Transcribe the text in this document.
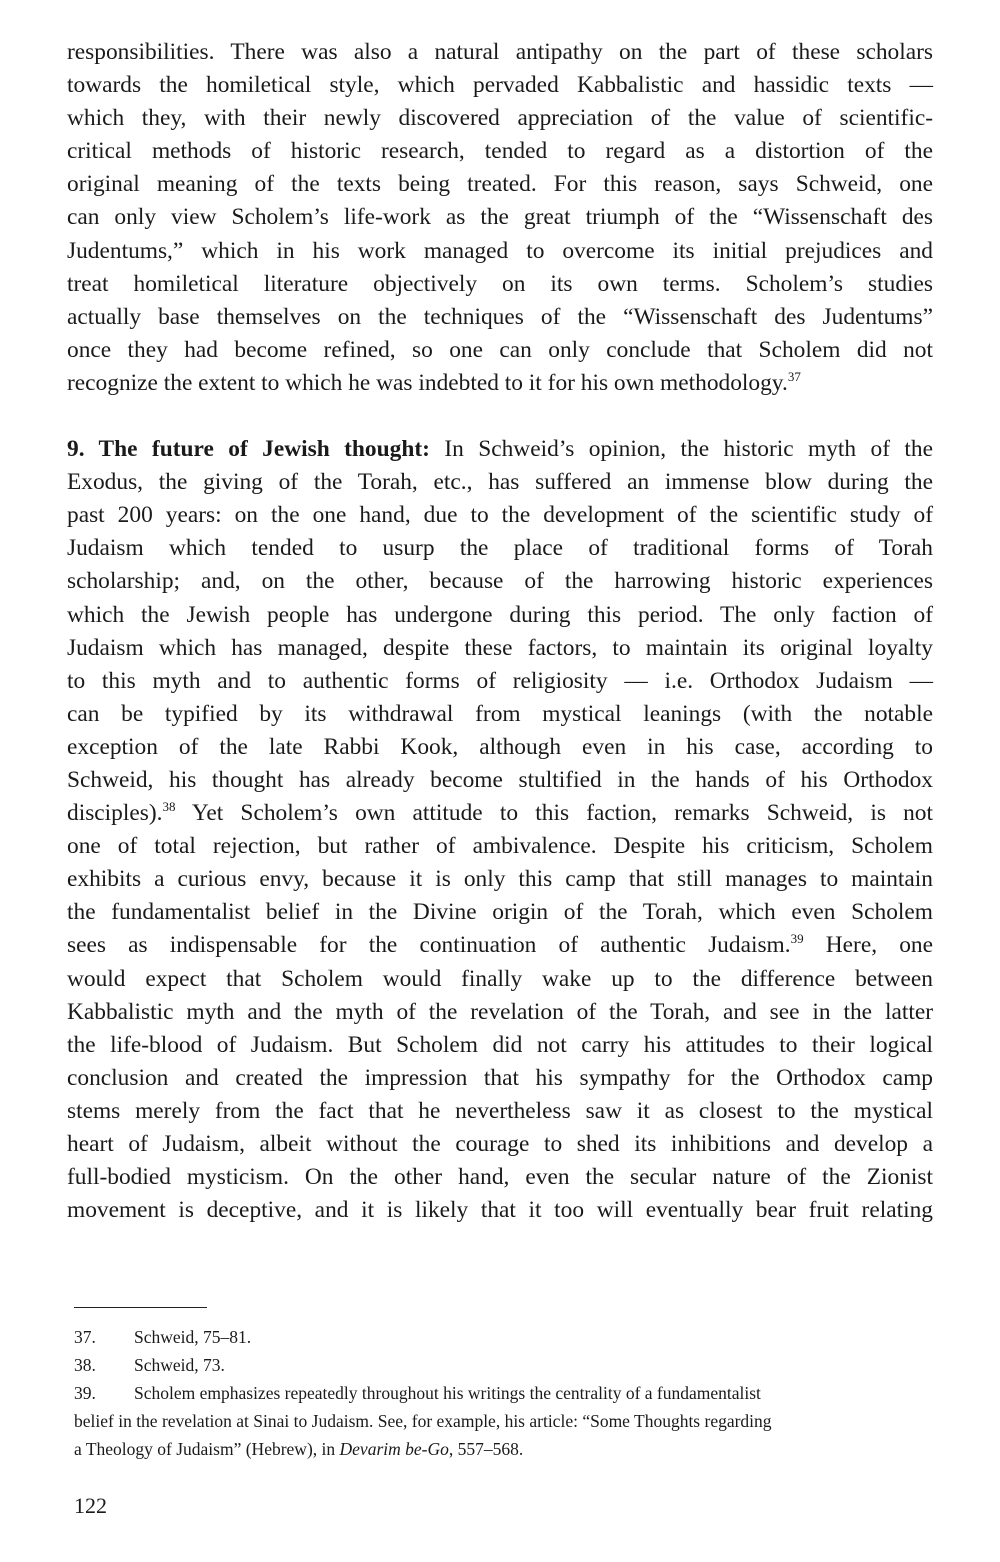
responsibilities. There was also a natural antipathy on the part of these scholars
towards the homiletical style, which pervaded Kabbalistic and hassidic texts —
which they, with their newly discovered appreciation of the value of scientific-
critical methods of historic research, tended to regard as a distortion of the
original meaning of the texts being treated. For this reason, says Schweid, one
can only view Scholem’s life-work as the great triumph of the “Wissenschaft des
Judentums,” which in his work managed to overcome its initial prejudices and
treat homiletical literature objectively on its own terms. Scholem’s studies
actually base themselves on the techniques of the “Wissenschaft des Judentums”
once they had become refined, so one can only conclude that Scholem did not
recognize the extent to which he was indebted to it for his own methodology.$^{37}$
9. The future of Jewish thought: In Schweid’s opinion, the historic myth of the
Exodus, the giving of the Torah, etc., has suffered an immense blow during the
past 200 years: on the one hand, due to the development of the scientific study of
Judaism which tended to usurp the place of traditional forms of Torah
scholarship; and, on the other, because of the harrowing historic experiences
which the Jewish people has undergone during this period. The only faction of
Judaism which has managed, despite these factors, to maintain its original loyalty
to this myth and to authentic forms of religiosity — i.e. Orthodox Judaism —
can be typified by its withdrawal from mystical leanings (with the notable
exception of the late Rabbi Kook, although even in his case, according to
Schweid, his thought has already become stultified in the hands of his Orthodox
disciples).$^{38}$ Yet Scholem’s own attitude to this faction, remarks Schweid, is not
one of total rejection, but rather of ambivalence. Despite his criticism, Scholem
exhibits a curious envy, because it is only this camp that still manages to maintain
the fundamentalist belief in the Divine origin of the Torah, which even Scholem
sees as indispensable for the continuation of authentic Judaism.$^{39}$ Here, one
would expect that Scholem would finally wake up to the difference between
Kabbalistic myth and the myth of the revelation of the Torah, and see in the latter
the life-blood of Judaism. But Scholem did not carry his attitudes to their logical
conclusion and created the impression that his sympathy for the Orthodox camp
stems merely from the fact that he nevertheless saw it as closest to the mystical
heart of Judaism, albeit without the courage to shed its inhibitions and develop a
full-bodied mysticism. On the other hand, even the secular nature of the Zionist
movement is deceptive, and it is likely that it too will eventually bear fruit relating
37. Schweid, 75–81.
38. Schweid, 73.
39. Scholem emphasizes repeatedly throughout his writings the centrality of a fundamentalist
belief in the revelation at Sinai to Judaism. See, for example, his article: “Some Thoughts regarding
a Theology of Judaism” (Hebrew), in Devarim be-Go, 557–568.
122
